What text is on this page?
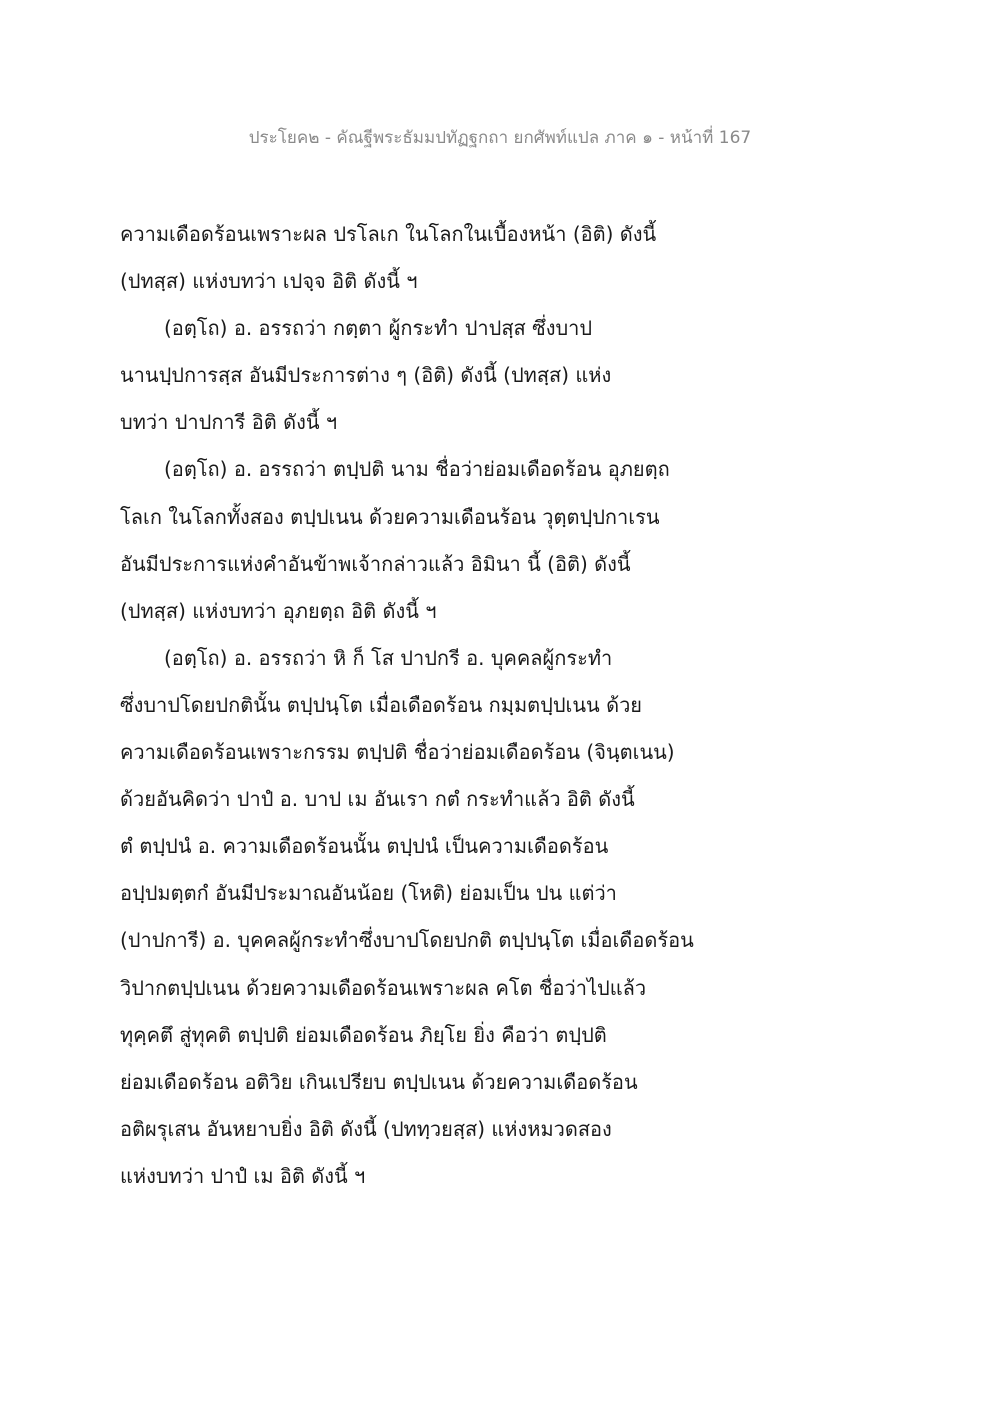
ประโยค๒ - คัณฐีพระธัมมปทัฏฐกถา ยกศัพท์แปล ภาค ๑ - หน้าที่ 167
ความเดือดร้อนเพราะผล ปรโลเก ในโลกในเบื้องหน้า (อิติ) ดังนี้
(ปทสฺส) แห่งบทว่า เปจฺจ อิติ ดังนี้ ฯ
(อตฺโถ) อ. อรรถว่า กตฺตา ผู้กระทำ ปาปสฺส ซึ่งบาป
นานปฺปการสฺส อันมีประการต่าง ๆ (อิติ) ดังนี้ (ปทสฺส) แห่ง
บทว่า ปาปการี อิติ ดังนี้ ฯ
(อตฺโถ) อ. อรรถว่า ตปฺปติ นาม ชื่อว่าย่อมเดือดร้อน อุภยตฺถ
โลเก ในโลกทั้งสอง ตปฺปเนน ด้วยความเดือนร้อน วุตฺตปฺปกาเรน
อันมีประการแห่งคำอันข้าพเจ้ากล่าวแล้ว อิมินา นี้ (อิติ) ดังนี้
(ปทสฺส) แห่งบทว่า อุภยตฺถ อิติ ดังนี้ ฯ
(อตฺโถ) อ. อรรถว่า หิ ก็ โส ปาปกรี อ. บุคคลผู้กระทำ
ซึ่งบาปโดยปกตินั้น ตปฺปนฺโต เมื่อเดือดร้อน กมฺมตปฺปเนน ด้วย
ความเดือดร้อนเพราะกรรม ตปฺปติ ชื่อว่าย่อมเดือดร้อน (จินฺตเนน)
ด้วยอันคิดว่า ปาปํ อ. บาป เม อันเรา กตํ กระทำแล้ว อิติ ดังนี้
ตํ ตปฺปนํ อ. ความเดือดร้อนนั้น ตปฺปนํ เป็นความเดือดร้อน
อปฺปมตฺตกํ อันมีประมาณอันน้อย (โหติ) ย่อมเป็น ปน แต่ว่า
(ปาปการี) อ. บุคคลผู้กระทำซึ่งบาปโดยปกติ ตปฺปนฺโต เมื่อเดือดร้อน
วิปากตปฺปเนน ด้วยความเดือดร้อนเพราะผล คโต ชื่อว่าไปแล้ว
ทุคฺคตึ สู่ทุคติ ตปฺปติ ย่อมเดือดร้อน ภิยฺโย ยิ่ง คือว่า ตปฺปติ
ย่อมเดือดร้อน อติวิย เกินเปรียบ ตปฺปเนน ด้วยความเดือดร้อน
อติผรุเสน อันหยาบยิ่ง อิติ ดังนี้ (ปททฺวยสฺส) แห่งหมวดสอง
แห่งบทว่า ปาปํ เม อิติ ดังนี้ ฯ
